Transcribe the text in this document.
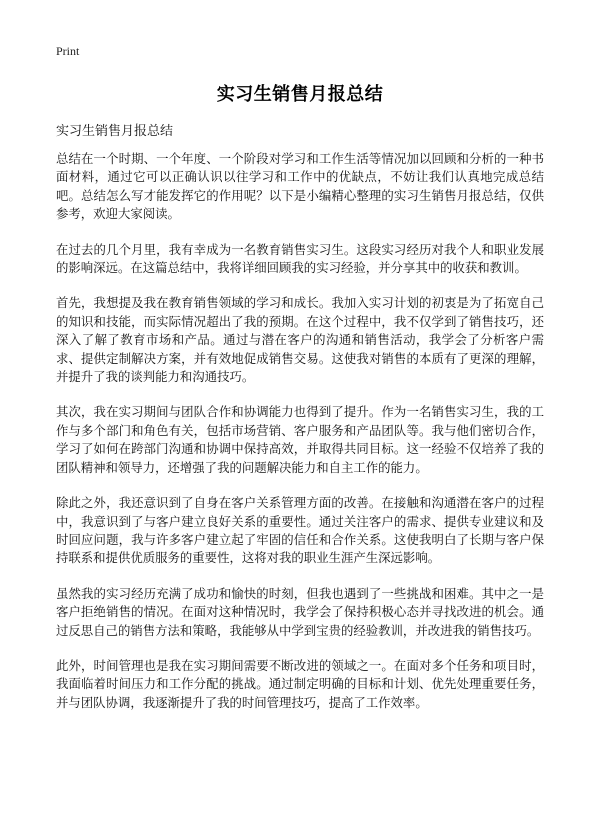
Print
实习生销售月报总结

实习生销售月报总结

总结在一个时期、一个年度、一个阶段对学习和工作生活等情况加以回顾和分析的一种书面材料，通过它可以正确认识以往学习和工作中的优缺点，不妨让我们认真地完成总结吧。总结怎么写才能发挥它的作用呢？以下是小编精心整理的实习生销售月报总结，仅供参考，欢迎大家阅读。

在过去的几个月里，我有幸成为一名教育销售实习生。这段实习经历对我个人和职业发展的影响深远。在这篇总结中，我将详细回顾我的实习经验，并分享其中的收获和教训。

首先，我想提及我在教育销售领域的学习和成长。我加入实习计划的初衷是为了拓宽自己的知识和技能，而实际情况超出了我的预期。在这个过程中，我不仅学到了销售技巧，还深入了解了教育市场和产品。通过与潜在客户的沟通和销售活动，我学会了分析客户需求、提供定制解决方案，并有效地促成销售交易。这使我对销售的本质有了更深的理解，并提升了我的谈判能力和沟通技巧。

其次，我在实习期间与团队合作和协调能力也得到了提升。作为一名销售实习生，我的工作与多个部门和角色有关，包括市场营销、客户服务和产品团队等。我与他们密切合作，学习了如何在跨部门沟通和协调中保持高效，并取得共同目标。这一经验不仅培养了我的团队精神和领导力，还增强了我的问题解决能力和自主工作的能力。

除此之外，我还意识到了自身在客户关系管理方面的改善。在接触和沟通潜在客户的过程中，我意识到了与客户建立良好关系的重要性。通过关注客户的需求、提供专业建议和及时回应问题，我与许多客户建立起了牢固的信任和合作关系。这使我明白了长期与客户保持联系和提供优质服务的重要性，这将对我的职业生涯产生深远影响。

虽然我的实习经历充满了成功和愉快的时刻，但我也遇到了一些挑战和困难。其中之一是客户拒绝销售的情况。在面对这种情况时，我学会了保持积极心态并寻找改进的机会。通过反思自己的销售方法和策略，我能够从中学到宝贵的经验教训，并改进我的销售技巧。

此外，时间管理也是我在实习期间需要不断改进的领域之一。在面对多个任务和项目时，我面临着时间压力和工作分配的挑战。通过制定明确的目标和计划、优先处理重要任务，并与团队协调，我逐渐提升了我的时间管理技巧，提高了工作效率。
